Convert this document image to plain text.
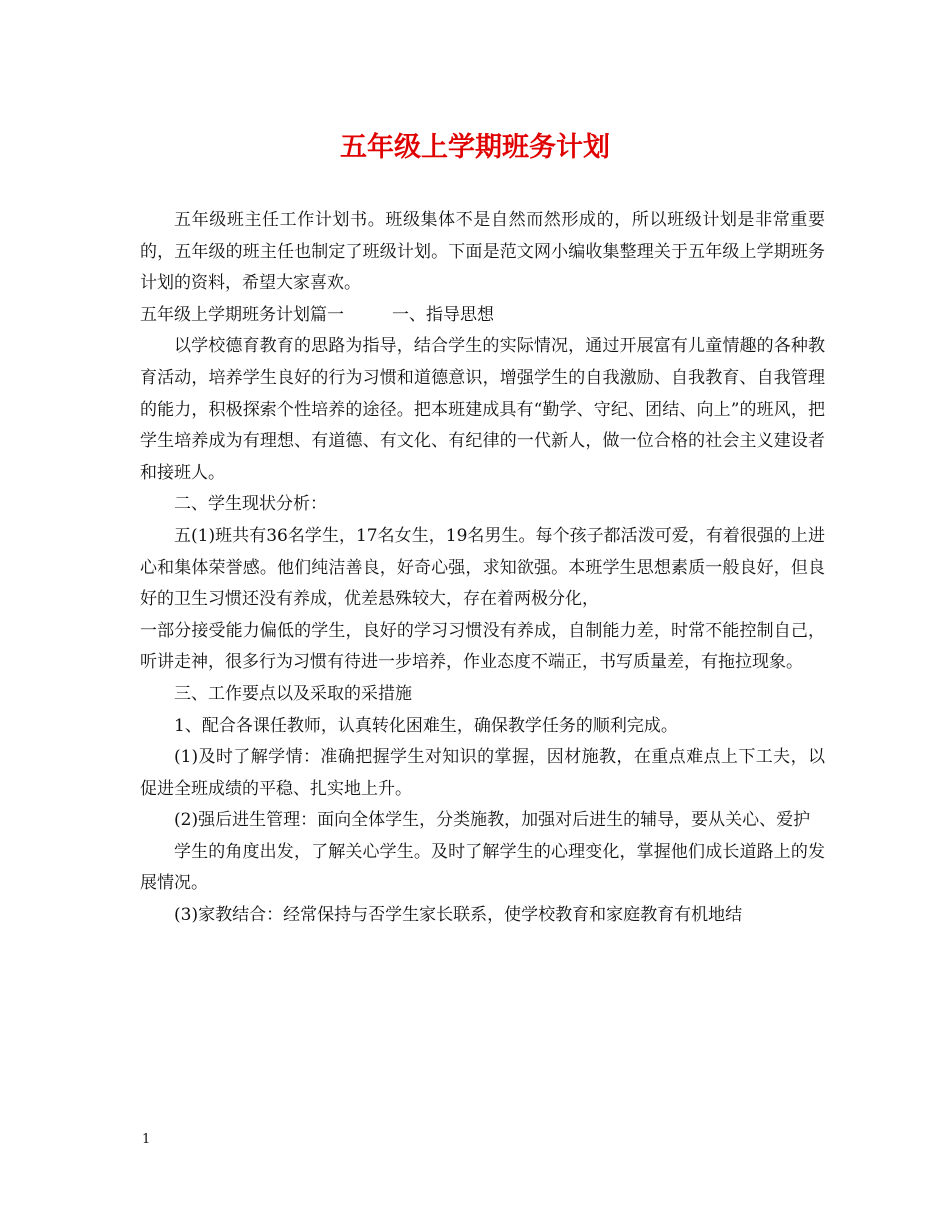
五年级上学期班务计划

五年级班主任工作计划书。班级集体不是自然而然形成的，所以班级计划是非常重要的，五年级的班主任也制定了班级计划。下面是范文网小编收集整理关于五年级上学期班务计划的资料，希望大家喜欢。

五年级上学期班务计划篇一	一、指导思想

以学校德育教育的思路为指导，结合学生的实际情况，通过开展富有儿童情趣的各种教育活动，培养学生良好的行为习惯和道德意识，增强学生的自我激励、自我教育、自我管理的能力，积极探索个性培养的途径。把本班建成具有“勤学、守纪、团结、向上”的班风，把学生培养成为有理想、有道德、有文化、有纪律的一代新人，做一位合格的社会主义建设者和接班人。

二、学生现状分析：

五(1)班共有36名学生，17名女生，19名男生。每个孩子都活泼可爱，有着很强的上进心和集体荣誉感。他们纯洁善良，好奇心强，求知欲强。本班学生思想素质一般良好，但良好的卫生习惯还没有养成，优差悬殊较大，存在着两极分化，

一部分接受能力偏低的学生，良好的学习习惯没有养成，自制能力差，时常不能控制自己，听讲走神，很多行为习惯有待进一步培养，作业态度不端正，书写质量差，有拖拉现象。

三、工作要点以及采取的采措施

1、配合各课任教师，认真转化困难生，确保教学任务的顺利完成。

(1)及时了解学情：准确把握学生对知识的掌握，因材施教，在重点难点上下工夫，以促进全班成绩的平稳、扎实地上升。

(2)强后进生管理：面向全体学生，分类施教，加强对后进生的辅导，要从关心、爱护

学生的角度出发，了解关心学生。及时了解学生的心理变化，掌握他们成长道路上的发展情况。

(3)家教结合：经常保持与否学生家长联系，使学校教育和家庭教育有机地结

1
